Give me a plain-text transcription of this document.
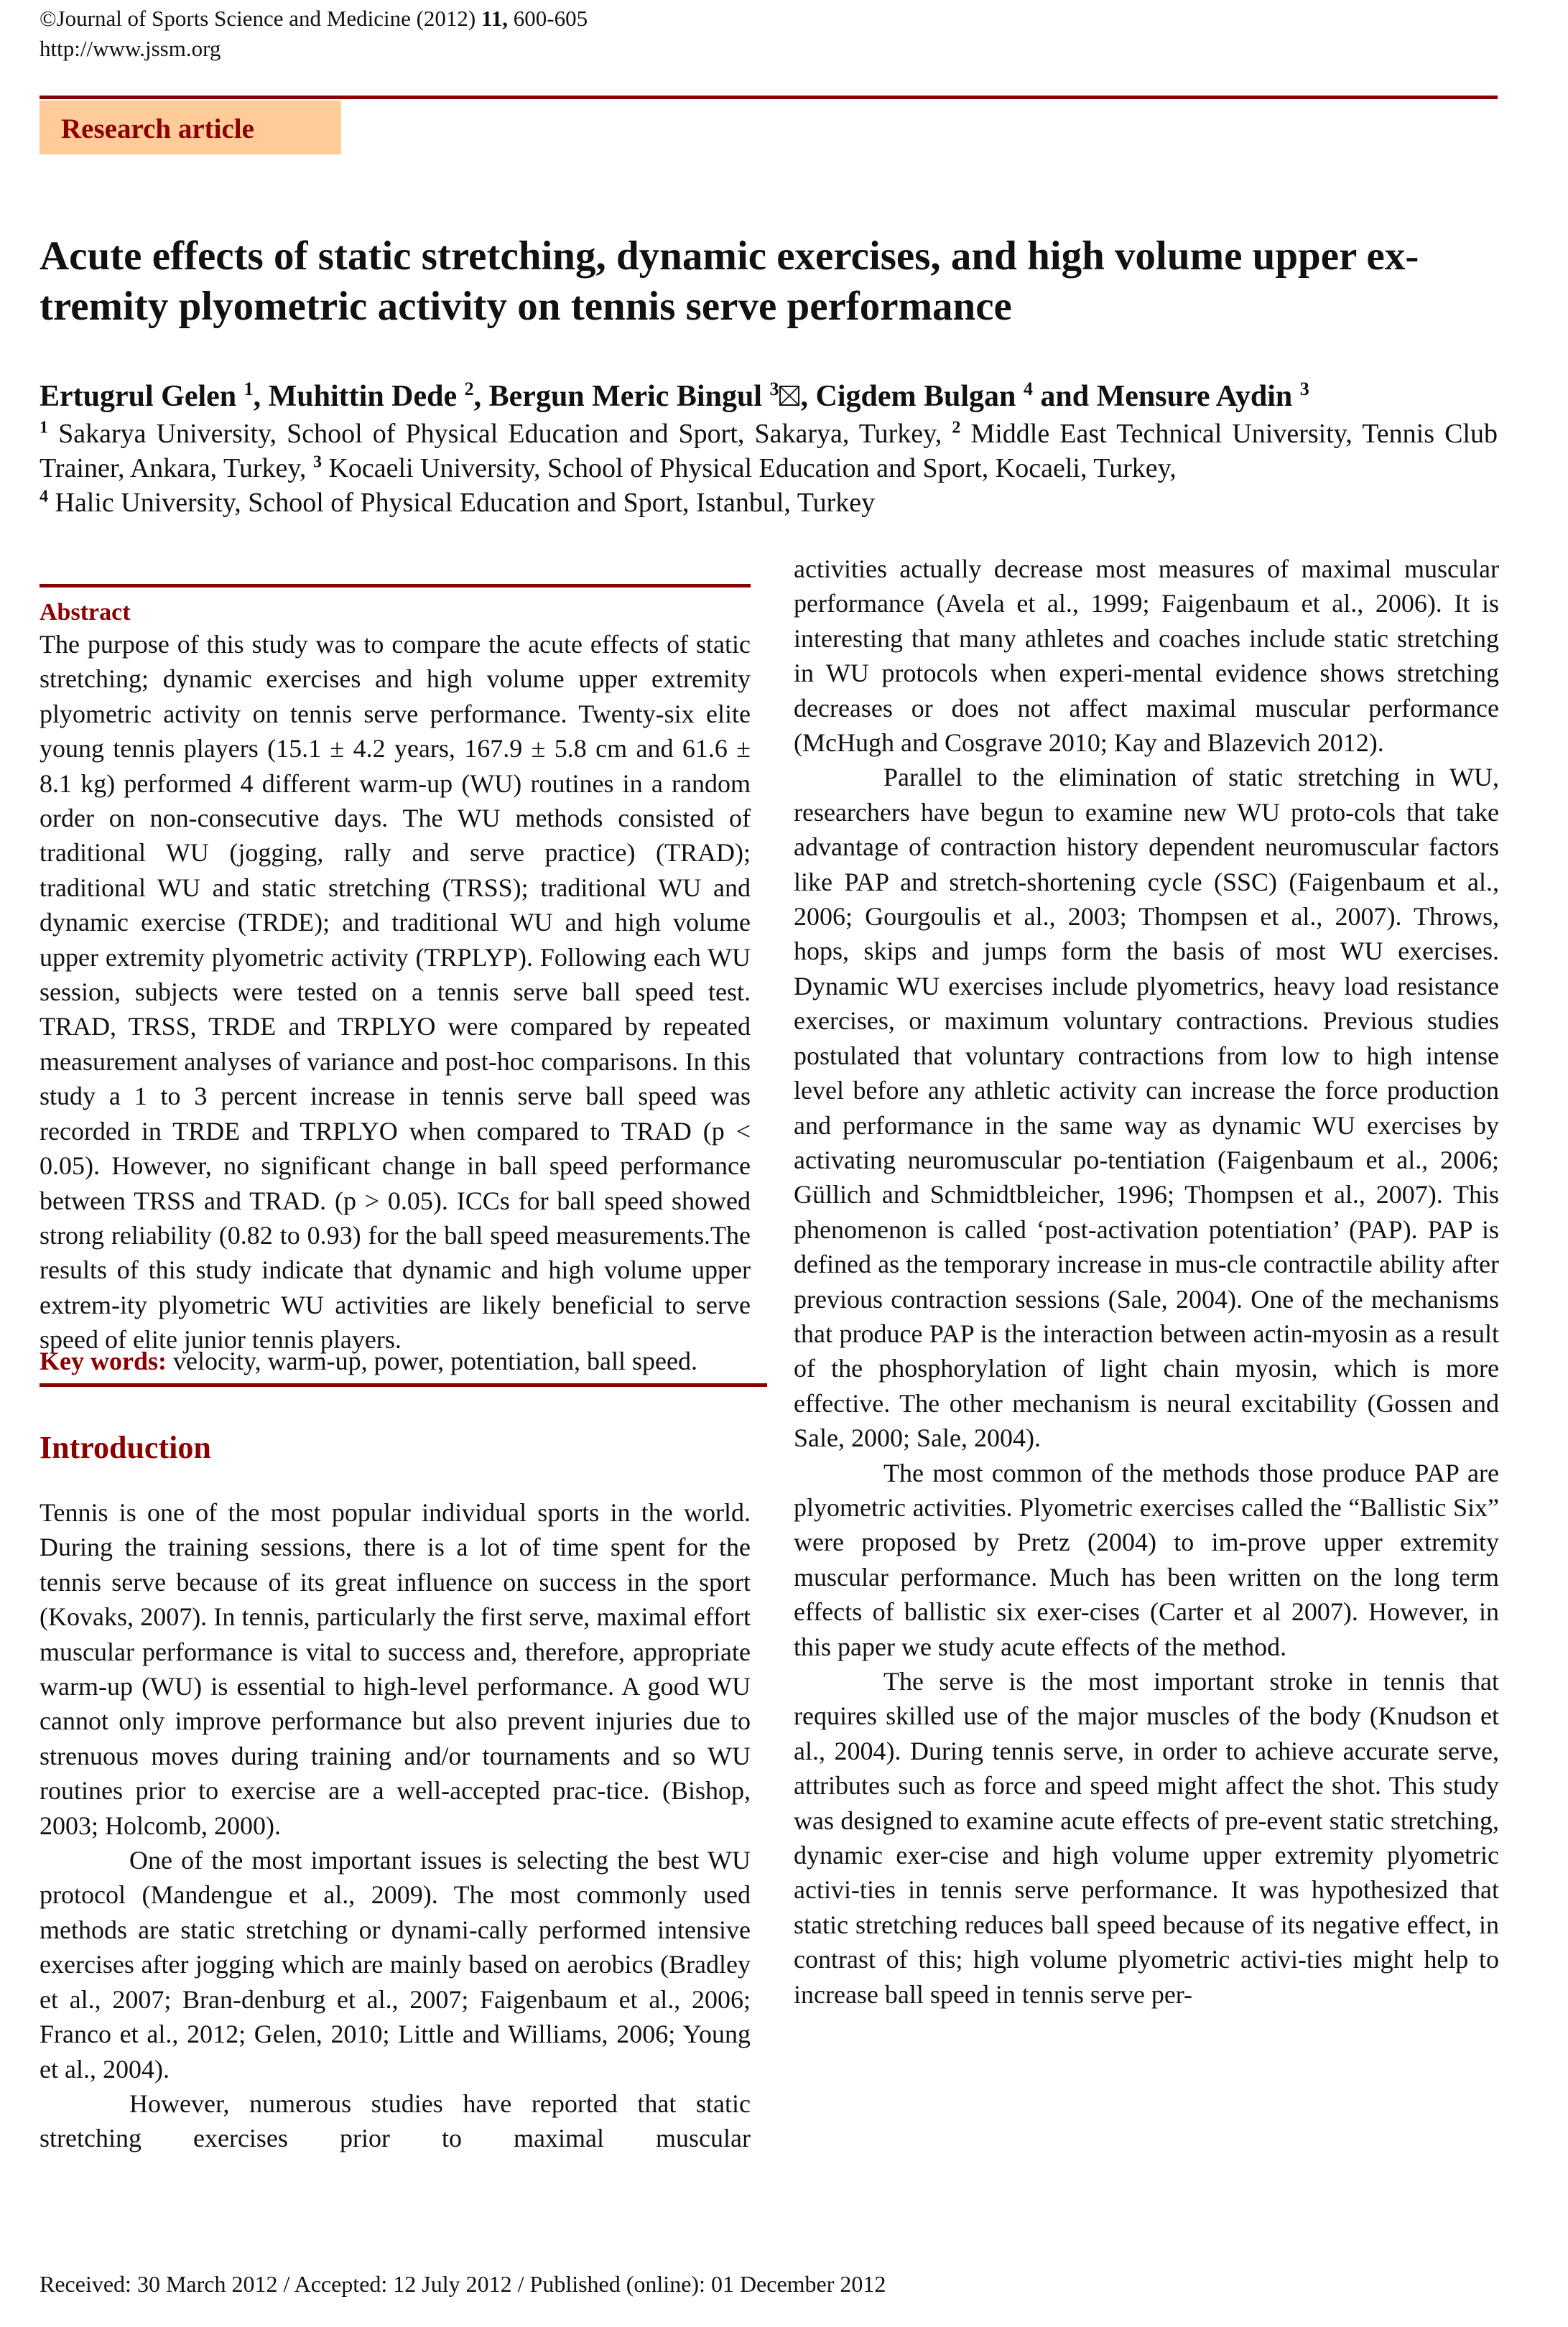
©Journal of Sports Science and Medicine (2012) 11, 600-605
http://www.jssm.org
Research article
Acute effects of static stretching, dynamic exercises, and high volume upper ex-
tremity plyometric activity on tennis serve performance
Ertugrul Gelen $^1$, Muhittin Dede $^2$, Bergun Meric Bingul $^3$ , Cigdem Bulgan $^4$ and Mensure Aydin $^3$
$^1$ Sakarya University, School of Physical Education and Sport, Sakarya, Turkey, $^2$ Middle East Technical University, Tennis Club Trainer, Ankara, Turkey, $^3$ Kocaeli University, School of Physical Education and Sport, Kocaeli, Turkey,
$^4$ Halic University, School of Physical Education and Sport, Istanbul, Turkey
Abstract

The purpose of this study was to compare the acute effects of static stretching; dynamic exercises and high volume upper extremity plyometric activity on tennis serve performance. Twenty-six elite young tennis players (15.1 ± 4.2 years, 167.9 ± 5.8 cm and 61.6 ± 8.1 kg) performed 4 different warm-up (WU) routines in a random order on non-consecutive days. The WU methods consisted of traditional WU (jogging, rally and serve practice) (TRAD); traditional WU and static stretching (TRSS); traditional WU and dynamic exercise (TRDE); and traditional WU and high volume upper extremity plyometric activity (TRPLYP). Following each WU session, subjects were tested on a tennis serve ball speed test. TRAD, TRSS, TRDE and TRPLYO were compared by repeated measurement analyses of variance and post-hoc comparisons. In this study a 1 to 3 percent increase in tennis serve ball speed was recorded in TRDE and TRPLYO when compared to TRAD (p < 0.05). However, no significant change in ball speed performance between TRSS and TRAD. (p > 0.05). ICCs for ball speed showed strong reliability (0.82 to 0.93) for the ball speed measurements.The results of this study indicate that dynamic and high volume upper extrem-ity plyometric WU activities are likely beneficial to serve speed of elite junior tennis players.

Key words: velocity, warm-up, power, potentiation, ball speed.
Introduction

Tennis is one of the most popular individual sports in the world. During the training sessions, there is a lot of time spent for the tennis serve because of its great influence on success in the sport (Kovaks, 2007). In tennis, particularly the first serve, maximal effort muscular performance is vital to success and, therefore, appropriate warm-up (WU) is essential to high-level performance. A good WU cannot only improve performance but also prevent injuries due to strenuous moves during training and/or tournaments and so WU routines prior to exercise are a well-accepted prac-tice. (Bishop, 2003; Holcomb, 2000).

One of the most important issues is selecting the best WU protocol (Mandengue et al., 2009). The most commonly used methods are static stretching or dynami-cally performed intensive exercises after jogging which are mainly based on aerobics (Bradley et al., 2007; Bran-denburg et al., 2007; Faigenbaum et al., 2006; Franco et al., 2012; Gelen, 2010; Little and Williams, 2006; Young et al., 2004).

However, numerous studies have reported that static stretching exercises prior to maximal muscular

activities actually decrease most measures of maximal muscular performance (Avela et al., 1999; Faigenbaum et al., 2006). It is interesting that many athletes and coaches include static stretching in WU protocols when experi-mental evidence shows stretching decreases or does not affect maximal muscular performance (McHugh and Cosgrave 2010; Kay and Blazevich 2012).

Parallel to the elimination of static stretching in WU, researchers have begun to examine new WU proto-cols that take advantage of contraction history dependent neuromuscular factors like PAP and stretch-shortening cycle (SSC) (Faigenbaum et al., 2006; Gourgoulis et al., 2003; Thompsen et al., 2007). Throws, hops, skips and jumps form the basis of most WU exercises. Dynamic WU exercises include plyometrics, heavy load resistance exercises, or maximum voluntary contractions. Previous studies postulated that voluntary contractions from low to high intense level before any athletic activity can increase the force production and performance in the same way as dynamic WU exercises by activating neuromuscular po-tentiation (Faigenbaum et al., 2006; Güllich and Schmidtbleicher, 1996; Thompsen et al., 2007). This phenomenon is called ‘post-activation potentiation’ (PAP). PAP is defined as the temporary increase in mus-cle contractile ability after previous contraction sessions (Sale, 2004). One of the mechanisms that produce PAP is the interaction between actin-myosin as a result of the phosphorylation of light chain myosin, which is more effective. The other mechanism is neural excitability (Gossen and Sale, 2000; Sale, 2004).

The most common of the methods those produce PAP are plyometric activities. Plyometric exercises called the “Ballistic Six” were proposed by Pretz (2004) to im-prove upper extremity muscular performance. Much has been written on the long term effects of ballistic six exer-cises (Carter et al 2007). However, in this paper we study acute effects of the method.

The serve is the most important stroke in tennis that requires skilled use of the major muscles of the body (Knudson et al., 2004). During tennis serve, in order to achieve accurate serve, attributes such as force and speed might affect the shot. This study was designed to examine acute effects of pre-event static stretching, dynamic exer-cise and high volume upper extremity plyometric activi-ties in tennis serve performance. It was hypothesized that static stretching reduces ball speed because of its negative effect, in contrast of this; high volume plyometric activi-ties might help to increase ball speed in tennis serve per-

Received: 30 March 2012 / Accepted: 12 July 2012 / Published (online): 01 December 2012
